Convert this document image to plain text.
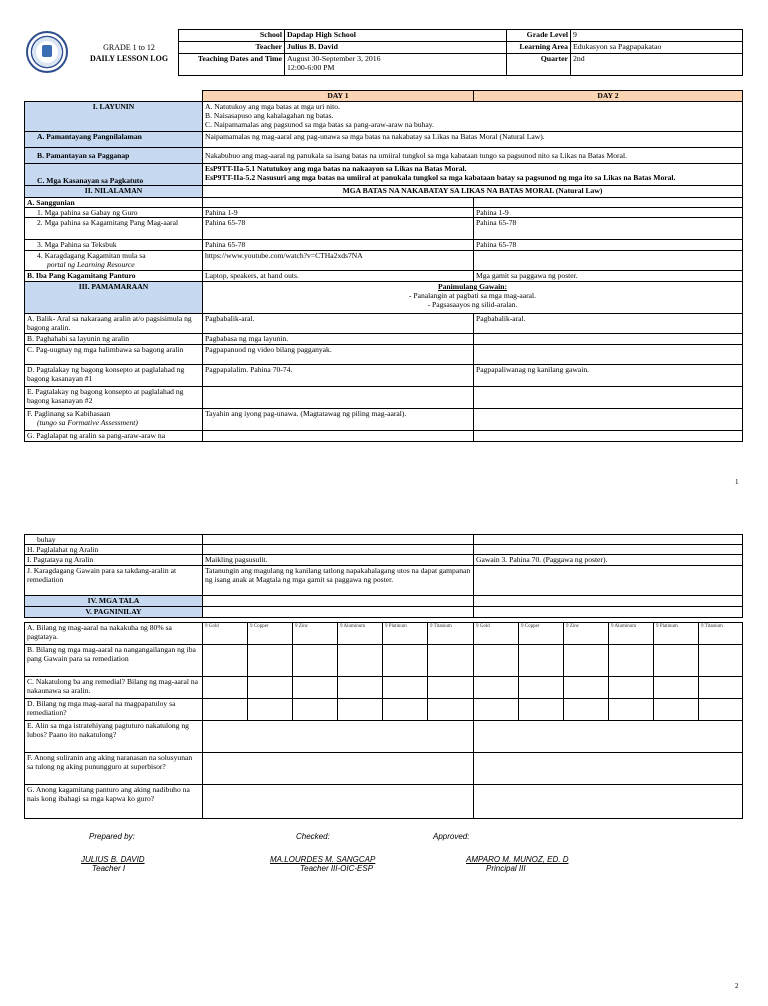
GRADE 1 to 12
DAILY LESSON LOG
School	Dapdap High School	Grade Level	9
Teacher	Julius B. David	Learning Area	Edukasyon sa Pagpapakatao
Teaching Dates and Time	August 30-September 3, 2016
12:00-6:00 PM	Quarter	2nd
	DAY 1	DAY 2
I. LAYUNIN	A. Natutukoy ang mga batas at mga uri nito.
B. Naisasapuso ang kahalagahan ng batas.
C. Naipamamalas ang pagsunod sa mga batas sa pang-araw-araw na buhay.	

A. Pamantayang Pangnilalaman	Naipamamalas ng mag-aaral ang pag-unawa sa mga batas na nakabatay sa Likas na Batas Moral (Natural Law).	
B. Pamantayan sa Pagganap	Nakabubuo ang mag-aaral ng panukala sa isang batas na umiiral tungkol sa mga kabataan tungo sa pagsunod nito sa Likas na Batas Moral.	
C. Mga Kasanayan sa Pagkatuto	EsP9TT-IIa-5.1 Natutukoy ang mga batas na nakaayon sa Likas na Batas Moral.
EsP9TT-IIa-5.2 Nasusuri ang mga batas na umiiral at panukala tungkol sa mga kabataan batay sa pagsunod ng mga ito sa Likas na Batas Moral.	

II. NILALAMAN	MGA BATAS NA NAKABATAY SA LIKAS NA BATAS MORAL (Natural Law)	
A. Sanggunian		
1. Mga pahina sa Gabay ng Guro	Pahina 1-9	Pahina 1-9
2. Mga pahina sa Kagamitang Pang Mag-aaral	Pahina 65-78	Pahina 65-78
3. Mga Pahina sa Teksbuk	Pahina 65-78	Pahina 65-78

4. Karagdagang Kagamitan mula sa
portal ng Learning Resource	https://www.youtube.com/watch?v=CTHa2xds7NA	
B. Iba Pang Kagamitang Panturo	Laptop, speakers, at hand outs.	Mga gamit sa paggawa ng poster.
III. PAMAMARAAN	Panimulang Gawain:
- Panalangin at pagbati sa mga mag-aaral.
- Pagsasaayos ng silid-aralan.	

A. Balik- Aral sa nakaraang aralin at/o pagsisimula ng bagong aralin.	Pagbabalik-aral.	Pagbabalik-aral.
B. Paghahabi sa layunin ng aralin	Pagbabasa ng mga layunin.	
C. Pag-uugnay ng mga halimbawa sa bagong aralin	Pagpapanuod ng video bilang pagganyak.	
D. Pagtalakay ng bagong konsepto at paglalahad ng bagong kasanayan #1	Pagpapalalim. Pahina 70-74.	Pagpapaliwanag ng kanilang gawain.
E. Pagtalakay ng bagong konsepto at paglalahad ng bagong kasanayan #2		

F. Paglinang sa Kabihasaan
(tungo sa Formative Assessment)	Tayahin ang iyong pag-unawa. (Magtatawag ng piling mag-aaral).	
G. Paglalapat ng aralin sa pang-araw-araw na		
1
buhay		
H. Paglalahat ng Aralin		
I. Pagtataya ng Aralin	Maikling pagsusulit.	Gawain 3. Pahina 70. (Paggawa ng poster).
J. Karagdagang Gawain para sa takdang-aralin at remediation	Tatanungin ang magulang ng kanilang tatlong napakahalagang utos na dapat gampanan ng isang anak at Magtala ng mga gamit sa paggawa ng poster.	
IV. MGA TALA		
V. PAGNINILAY		
A. Bilang ng mag-aaral na nakakuha ng 80% sa pagtataya.	9 Gold	9 Copper	9 Zinc	9 Aluminum	9 Platinum	9 Titanium	9 Gold	9 Copper	9 Zinc	9 Aluminum	9 Platinum	9 Titanium
B. Bilang ng mga mag-aaral na nangangailangan ng iba pang Gawain para sa remediation												
C. Nakatulong ba ang remedial? Bilang ng mag-aaral na nakaunawa sa aralin.												
D. Bilang ng mga mag-aaral na magpapatuloy sa remediation?												
E. Alin sa mga istratehiyang pagtuturo nakatulong ng lubos? Paano ito nakatulong?												
F. Anong suliranin ang aking naranasan na solusyunan sa tulong ng aking punungguro at superbisor?												
G. Anong kagamitang panturo ang aking nadibuho na nais kong ibahagi sa mga kapwa ko guro?												
Prepared by:	Checked:	Approved:
JULIUS B. DAVID
Teacher I
MA.LOURDES M. SANGCAP
Teacher III-OIC-ESP
AMPARO M. MUNOZ, ED. D
Principal III
2
